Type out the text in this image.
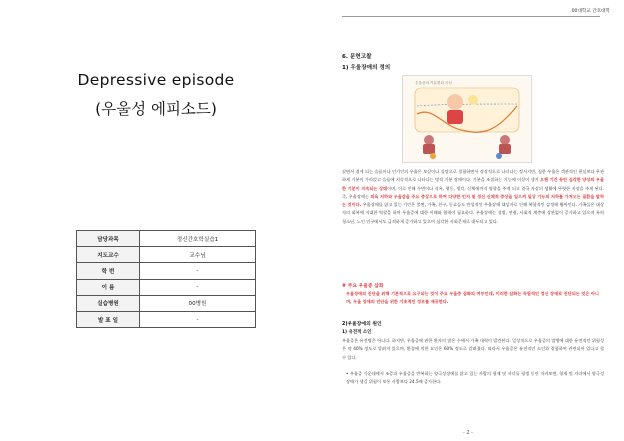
Depressive episode
(우울성 에피소드)
담당과목	정신간호학실습1
지도교수	교수님
학 번	-
이 름	-
실습병원	00병원
발 표 일	-
00대학교 간호대학
6. 문헌고찰
1) 우울장애의 정의
우울증의 기분변화 곡선
살면서 겪게 되는 슬픔이나 인기인의 우울은 보살이나 실망으로 경험하면서 정상적으로 나타나는 정서지만, 심한 우울은 객관적인 현실보다 무관하게 기분이 가라앉고 슬픔에 지속적으로 나타나는 병적 기분 장애이다. 기분을 조절하는 기능에 이상이 생겨 오랜 기간 동안 심각한 양상의 우울한 기분이 지속되는 상태이며, 이로 인해 수면이나 식욕, 행동, 생각, 신체에까지 영향을 주게 되고 결국 자살의 생활에 뚜렷한 지장을 주게 된다. 즉, 우울장애는 의욕 저하와 우울감을 주요 증상으로 하여 다양한 인지 및 정신 신체적 증상을 일으켜 일상 기능의 저하를 가져오는 질환을 말하는 것이다. 우울장애를 앓고 있는 가인은 불면, 가족, 친구, 동료들도 만성적인 우울장애 대상자로 인해 복합적인 감정에 휩싸인다. 가족들은 대상자의 회복에 지대한 역할을 하며 우울증에 대한 이해와 협력이 필요하다. 우울장애는 성별, 연령, 사회적 계층에 상관없이 증가하고 있으며 특히 청소년, 노인 인구에서도 급격하게 증가하고 있으며 심각한 사회문제로 대두되고 있다.
# 주요 우울증 삽화
우울장애의 진단을 위해 기본적으로 요구되는 것이 주요 우울증 삽화의 여부인데, 이러한 삽화는 독립적인 정신 장애로 진단되는 것은 아니며, 우울 장애의 진단을 위한 기초적인 정보를 제공한다.
2)우울장애의 원인
1) 유전적 소인
우울증은 유전병은 아니다. 하지만, 우울증에 관한 환자의 많은 수에서 가족 내력이 발견된다. 일상적으로 우울증의 발병에 대한 유전적인 위험성은 약 40% 정도로 알려져 있으며, 환경에 의한 요인은 60% 정도로 알려졌다. 따라서 우울증은 유전적인 소인과 결합하여 관련되어 있다고 할 수 있다.
• 우울증 가운데에서 조증과 우울증을 반복하는 양극성장애를 앓고 있는 사람의 형제 및 자녀를 평생 동안 지켜보면, 형제 및 자녀에서 양극성장애가 생길 위험이 보통 사람보다 24.5배 증가한다.
- 2 -
